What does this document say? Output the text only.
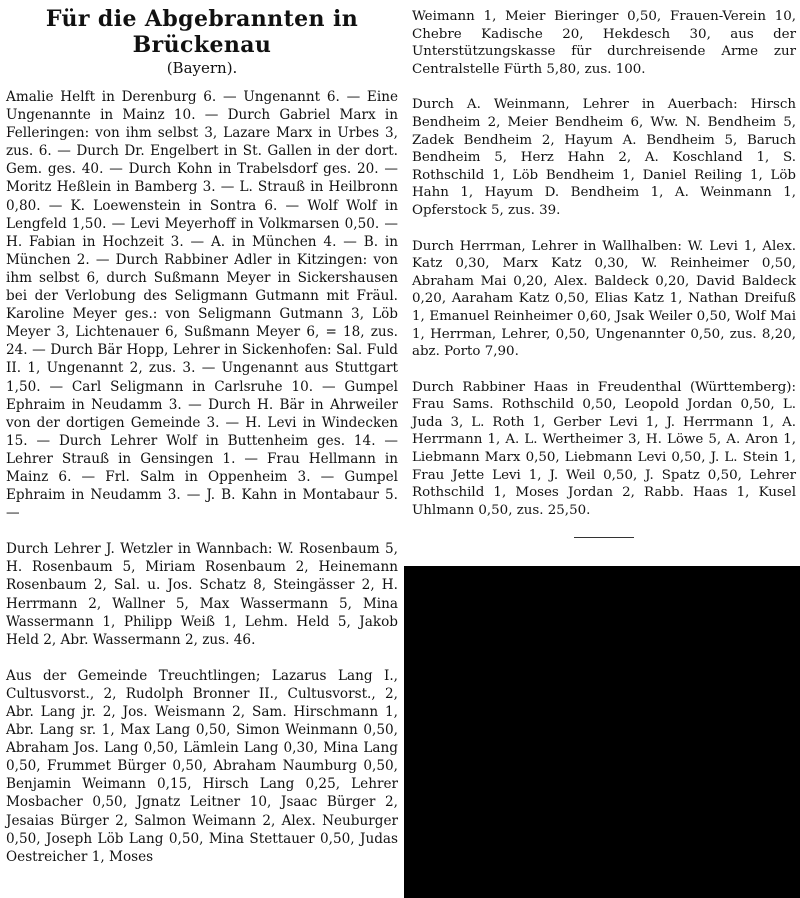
Für die Abgebrannten in Brückenau
(Bayern).

Amalie Helft in Derenburg 6. — Ungenannt 6. — Eine Ungenannte in Mainz 10. — Durch Gabriel Marx in Felleringen: von ihm selbst 3, Lazare Marx in Urbes 3, zus. 6. — Durch Dr. Engelbert in St. Gallen in der dort. Gem. ges. 40. — Durch Kohn in Trabelsdorf ges. 20. — Moritz Heßlein in Bamberg 3. — L. Strauß in Heilbronn 0,80. — K. Loewenstein in Sontra 6. — Wolf Wolf in Lengfeld 1,50. — Levi Meyerhoff in Volkmarsen 0,50. — H. Fabian in Hochzeit 3. — A. in München 4. — B. in München 2. — Durch Rabbiner Adler in Kitzingen: von ihm selbst 6, durch Sußmann Meyer in Sickershausen bei der Verlobung des Seligmann Gutmann mit Fräul. Karoline Meyer ges.: von Seligmann Gutmann 3, Löb Meyer 3, Lichtenauer 6, Sußmann Meyer 6, = 18, zus. 24. — Durch Bär Hopp, Lehrer in Sickenhofen: Sal. Fuld II. 1, Ungenannt 2, zus. 3. — Ungenannt aus Stuttgart 1,50. — Carl Seligmann in Carlsruhe 10. — Gumpel Ephraim in Neudamm 3. — Durch H. Bär in Ahrweiler von der dortigen Gemeinde 3. — H. Levi in Windecken 15. — Durch Lehrer Wolf in Buttenheim ges. 14. — Lehrer Strauß in Gensingen 1. — Frau Hellmann in Mainz 6. — Frl. Salm in Oppenheim 3. — Gumpel Ephraim in Neudamm 3. — J. B. Kahn in Montabaur 5. —

Durch Lehrer J. Wetzler in Wannbach: W. Rosenbaum 5, H. Rosenbaum 5, Miriam Rosenbaum 2, Heinemann Rosenbaum 2, Sal. u. Jos. Schatz 8, Steingässer 2, H. Herrmann 2, Wallner 5, Max Wassermann 5, Mina Wassermann 1, Philipp Weiß 1, Lehm. Held 5, Jakob Held 2, Abr. Wassermann 2, zus. 46.

Aus der Gemeinde Treuchtlingen; Lazarus Lang I., Cultusvorst., 2, Rudolph Bronner II., Cultusvorst., 2, Abr. Lang jr. 2, Jos. Weismann 2, Sam. Hirschmann 1, Abr. Lang sr. 1, Max Lang 0,50, Simon Weinmann 0,50, Abraham Jos. Lang 0,50, Lämlein Lang 0,30, Mina Lang 0,50, Frummet Bürger 0,50, Abraham Naumburg 0,50, Benjamin Weimann 0,15, Hirsch Lang 0,25, Lehrer Mosbacher 0,50, Jgnatz Leitner 10, Jsaac Bürger 2, Jesaias Bürger 2, Salmon Weimann 2, Alex. Neuburger 0,50, Joseph Löb Lang 0,50, Mina Stettauer 0,50, Judas Oestreicher 1, Moses

Weimann 1, Meier Bieringer 0,50, Frauen-Verein 10, Chebre Kadische 20, Hekdesch 30, aus der Unterstützungskasse für durchreisende Arme zur Centralstelle Fürth 5,80, zus. 100.

Durch A. Weinmann, Lehrer in Auerbach: Hirsch Bendheim 2, Meier Bendheim 6, Ww. N. Bendheim 5, Zadek Bendheim 2, Hayum A. Bendheim 5, Baruch Bendheim 5, Herz Hahn 2, A. Koschland 1, S. Rothschild 1, Löb Bendheim 1, Daniel Reiling 1, Löb Hahn 1, Hayum D. Bendheim 1, A. Weinmann 1, Opferstock 5, zus. 39.

Durch Herrman, Lehrer in Wallhalben: W. Levi 1, Alex. Katz 0,30, Marx Katz 0,30, W. Reinheimer 0,50, Abraham Mai 0,20, Alex. Baldeck 0,20, David Baldeck 0,20, Aaraham Katz 0,50, Elias Katz 1, Nathan Dreifuß 1, Emanuel Reinheimer 0,60, Jsak Weiler 0,50, Wolf Mai 1, Herrman, Lehrer, 0,50, Ungenannter 0,50, zus. 8,20, abz. Porto 7,90.

Durch Rabbiner Haas in Freudenthal (Württemberg): Frau Sams. Rothschild 0,50, Leopold Jordan 0,50, L. Juda 3, L. Roth 1, Gerber Levi 1, J. Herrmann 1, A. Herrmann 1, A. L. Wertheimer 3, H. Löwe 5, A. Aron 1, Liebmann Marx 0,50, Liebmann Levi 0,50, J. L. Stein 1, Frau Jette Levi 1, J. Weil 0,50, J. Spatz 0,50, Lehrer Rothschild 1, Moses Jordan 2, Rabb. Haas 1, Kusel Uhlmann 0,50, zus. 25,50.
